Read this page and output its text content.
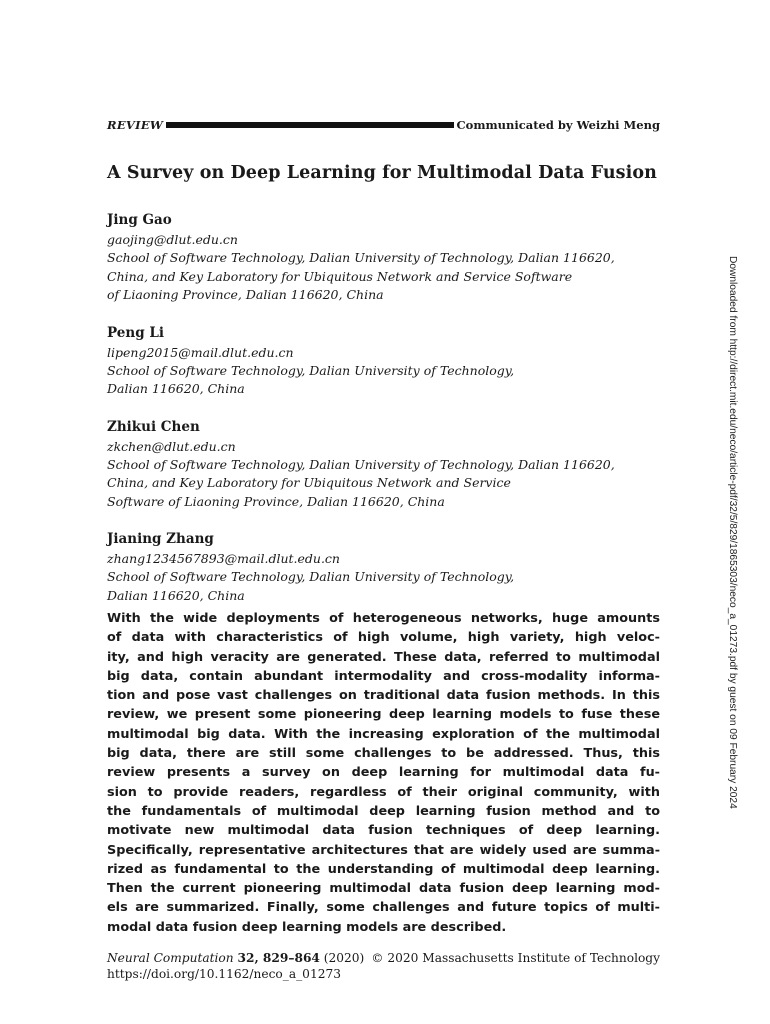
REVIEW	Communicated by Weizhi Meng
A Survey on Deep Learning for Multimodal Data Fusion
Jing Gao
gaojing@dlut.edu.cn
School of Software Technology, Dalian University of Technology, Dalian 116620,
China, and Key Laboratory for Ubiquitous Network and Service Software
of Liaoning Province, Dalian 116620, China
Peng Li
lipeng2015@mail.dlut.edu.cn
School of Software Technology, Dalian University of Technology,
Dalian 116620, China
Zhikui Chen
zkchen@dlut.edu.cn
School of Software Technology, Dalian University of Technology, Dalian 116620,
China, and Key Laboratory for Ubiquitous Network and Service
Software of Liaoning Province, Dalian 116620, China
Jianing Zhang
zhang1234567893@mail.dlut.edu.cn
School of Software Technology, Dalian University of Technology,
Dalian 116620, China
With the wide deployments of heterogeneous networks, huge amounts
of data with characteristics of high volume, high variety, high veloc-
ity, and high veracity are generated. These data, referred to multimodal
big data, contain abundant intermodality and cross-modality informa-
tion and pose vast challenges on traditional data fusion methods. In this
review, we present some pioneering deep learning models to fuse these
multimodal big data. With the increasing exploration of the multimodal
big data, there are still some challenges to be addressed. Thus, this
review presents a survey on deep learning for multimodal data fu-
sion to provide readers, regardless of their original community, with
the fundamentals of multimodal deep learning fusion method and to
motivate new multimodal data fusion techniques of deep learning.
Specifically, representative architectures that are widely used are summa-
rized as fundamental to the understanding of multimodal deep learning.
Then the current pioneering multimodal data fusion deep learning mod-
els are summarized. Finally, some challenges and future topics of multi-
modal data fusion deep learning models are described.
Neural Computation 32, 829–864 (2020) © 2020 Massachusetts Institute of Technology
https://doi.org/10.1162/neco_a_01273
Downloaded from http://direct.mit.edu/neco/article-pdf/32/5/829/1865303/neco_a_01273.pdf by guest on 09 February 2024
